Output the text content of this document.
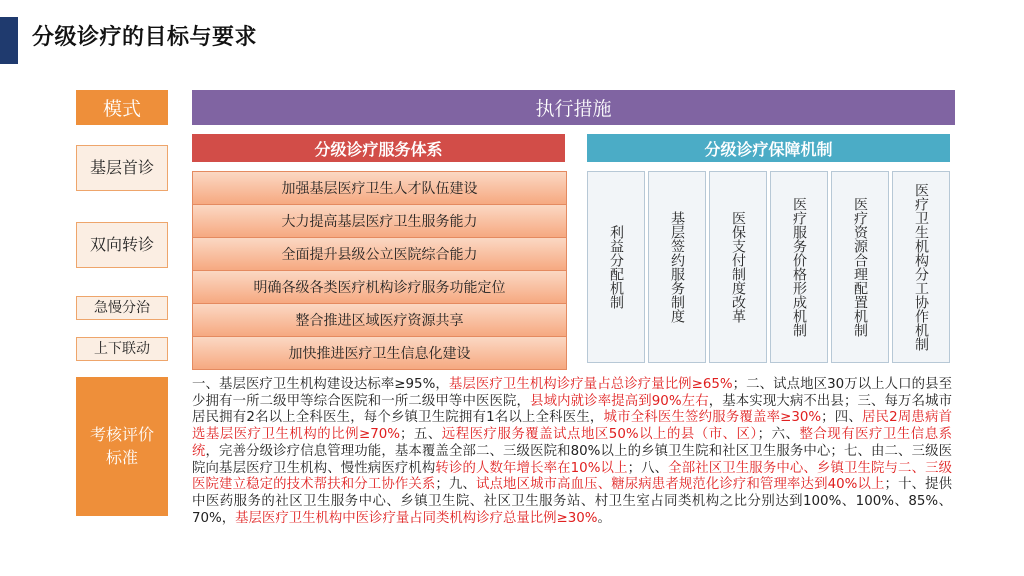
分级诊疗的目标与要求
模式
基层首诊
双向转诊
急慢分治
上下联动
执行措施
分级诊疗服务体系
加强基层医疗卫生人才队伍建设
大力提高基层医疗卫生服务能力
全面提升县级公立医院综合能力
明确各级各类医疗机构诊疗服务功能定位
整合推进区域医疗资源共享
加快推进医疗卫生信息化建设
分级诊疗保障机制
利益分配机制	基层签约服务制度	医保支付制度改革	医疗服务价格形成机制	医疗资源合理配置机制	医疗卫生机构分工协作机制
考核评价标准
一、基层医疗卫生机构建设达标率≥95%，基层医疗卫生机构诊疗量占总诊疗量比例≥65%；二、试点地区30万以上人口的县至少拥有一所二级甲等综合医院和一所二级甲等中医医院，县域内就诊率提高到90%左右，基本实现大病不出县；三、每万名城市居民拥有2名以上全科医生，每个乡镇卫生院拥有1名以上全科医生，城市全科医生签约服务覆盖率≥30%；四、居民2周患病首选基层医疗卫生机构的比例≥70%；五、远程医疗服务覆盖试点地区50%以上的县（市、区）；六、整合现有医疗卫生信息系统，完善分级诊疗信息管理功能，基本覆盖全部二、三级医院和80%以上的乡镇卫生院和社区卫生服务中心；七、由二、三级医院向基层医疗卫生机构、慢性病医疗机构转诊的人数年增长率在10%以上；八、全部社区卫生服务中心、乡镇卫生院与二、三级医院建立稳定的技术帮扶和分工协作关系；九、试点地区城市高血压、糖尿病患者规范化诊疗和管理率达到40%以上；十、提供中医药服务的社区卫生服务中心、乡镇卫生院、社区卫生服务站、村卫生室占同类机构之比分别达到100%、100%、85%、70%，基层医疗卫生机构中医诊疗量占同类机构诊疗总量比例≥30%。
